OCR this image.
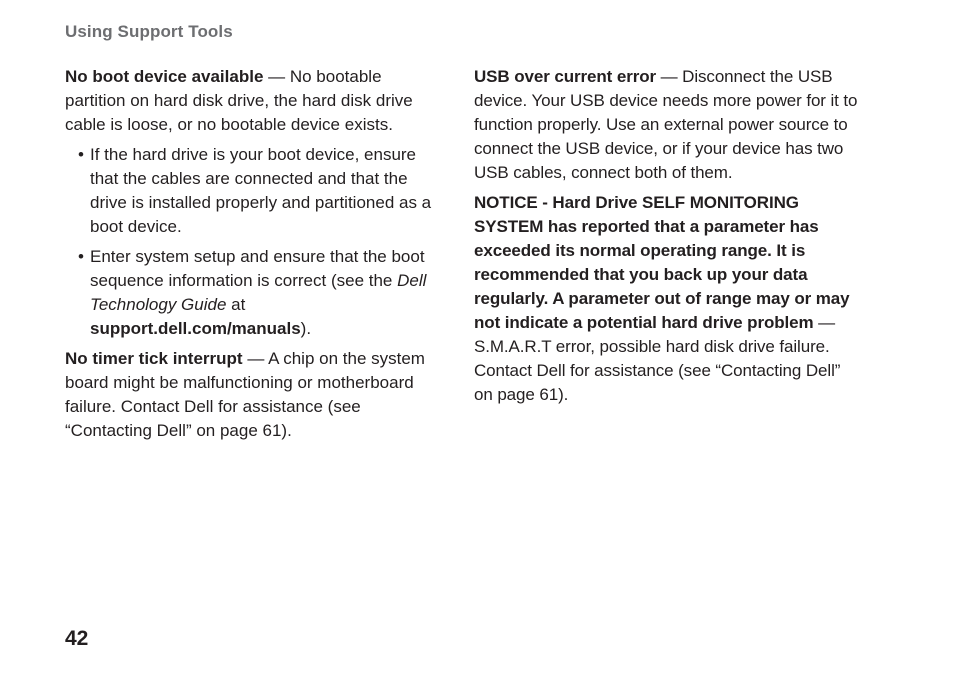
Using Support Tools

No boot device available — No bootable partition on hard disk drive, the hard disk drive cable is loose, or no bootable device exists.

• If the hard drive is your boot device, ensure that the cables are connected and that the drive is installed properly and partitioned as a boot device.
• Enter system setup and ensure that the boot sequence information is correct (see the Dell Technology Guide at support.dell.com/manuals).

No timer tick interrupt — A chip on the system board might be malfunctioning or motherboard failure. Contact Dell for assistance (see “Contacting Dell” on page 61).

USB over current error — Disconnect the USB device. Your USB device needs more power for it to function properly. Use an external power source to connect the USB device, or if your device has two USB cables, connect both of them.

NOTICE - Hard Drive SELF MONITORING SYSTEM has reported that a parameter has exceeded its normal operating range. It is recommended that you back up your data regularly. A parameter out of range may or may not indicate a potential hard drive problem — S.M.A.R.T error, possible hard disk drive failure. Contact Dell for assistance (see “Contacting Dell” on page 61).

42
